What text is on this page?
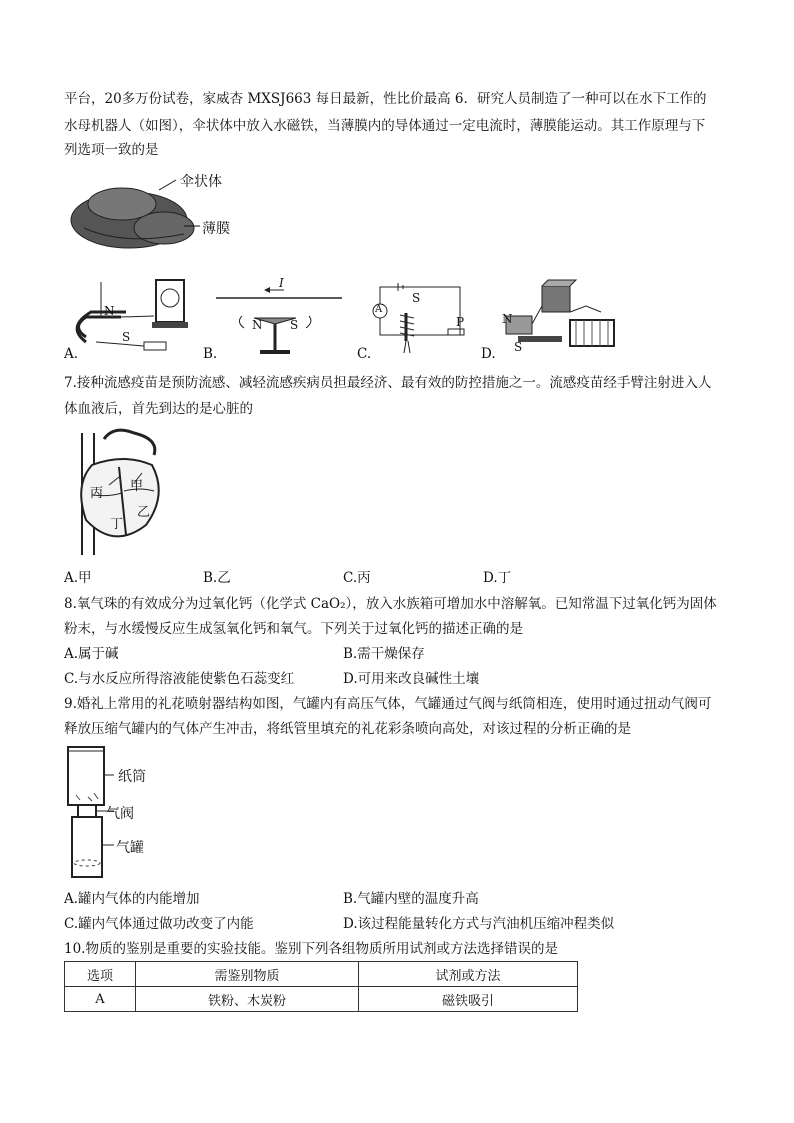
平台，20多万份试卷，家威杏 MXSJ663 每日最新，性比价最高 6．研究人员制造了一种可以在水下工作的
水母机器人（如图），伞状体中放入水磁铁，当薄膜内的导体通过一定电流时，薄膜能运动。其工作原理与下
列选项一致的是
伞状体
薄膜
N
S
A.
I
N S
B.
A
S
P
C.
N
S
D.
7.接种流感疫苗是预防流感、减轻流感疾病员担最经济、最有效的防控措施之一。流感疫苗经手臂注射进入人
体血液后，首先到达的是心脏的
丙 甲
乙
丁
A.甲	B.乙	C.丙	D.丁
8.氧气珠的有效成分为过氧化钙（化学式 CaO₂），放入水族箱可增加水中溶解氧。已知常温下过氧化钙为固体
粉末，与水缓慢反应生成氢氧化钙和氧气。下列关于过氧化钙的描述正确的是
A.属于碱	B.需干燥保存
C.与水反应所得溶液能使紫色石蕊变红	D.可用来改良碱性土壤
9.婚礼上常用的礼花喷射器结构如图，气罐内有高压气体，气罐通过气阀与纸筒相连，使用时通过扭动气阀可
释放压缩气罐内的气体产生冲击，将纸管里填充的礼花彩条喷向高处，对该过程的分析正确的是
纸筒
气阀
气罐
A.罐内气体的内能增加	B.气罐内壁的温度升高
C.罐内气体通过做功改变了内能	D.该过程能量转化方式与汽油机压缩冲程类似
10.物质的鉴别是重要的实验技能。鉴别下列各组物质所用试剂或方法选择错误的是
选项	需鉴别物质	试剂或方法
A	铁粉、木炭粉	磁铁吸引
